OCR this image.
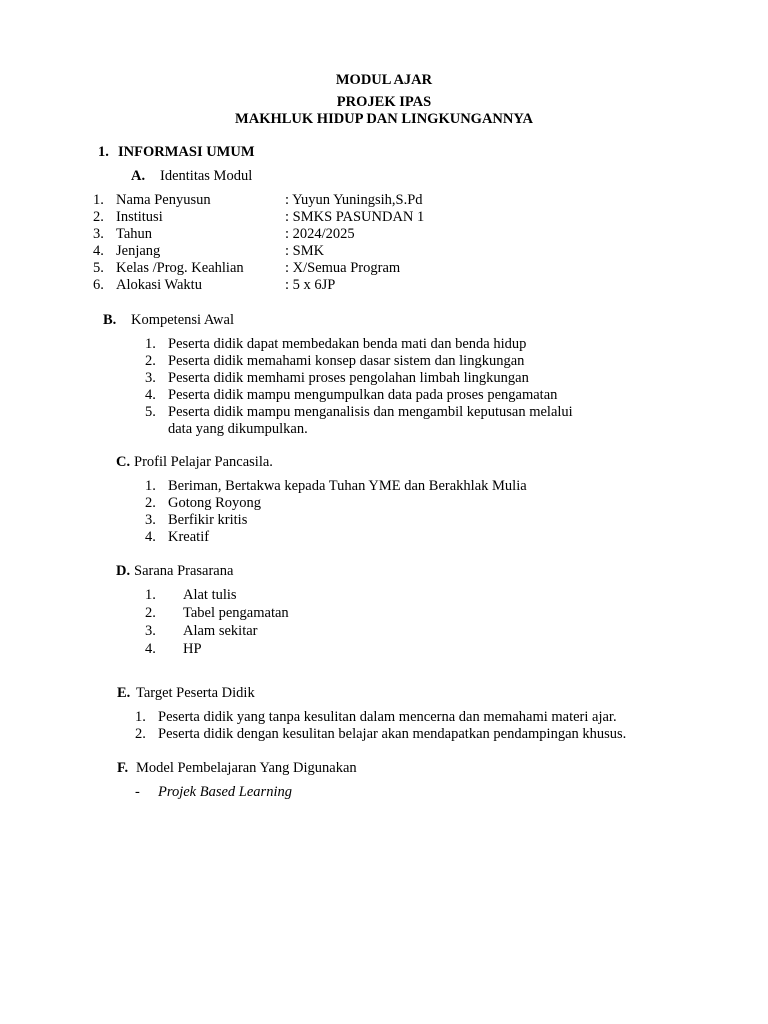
MODUL AJAR
PROJEK IPAS
MAKHLUK HIDUP DAN LINGKUNGANNYA
1. INFORMASI UMUM
A. Identitas Modul
1. Nama Penyusun	: Yuyun Yuningsih,S.Pd
2. Institusi	: SMKS PASUNDAN 1
3. Tahun	: 2024/2025
4. Jenjang	: SMK
5. Kelas /Prog. Keahlian	: X/Semua Program
6. Alokasi Waktu	: 5 x 6JP
B. Kompetensi Awal
1. Peserta didik dapat membedakan benda mati dan benda hidup
2. Peserta didik memahami konsep dasar sistem dan lingkungan
3. Peserta didik memhami proses pengolahan limbah lingkungan
4. Peserta didik mampu mengumpulkan data pada proses pengamatan
5. Peserta didik mampu menganalisis dan mengambil keputusan melalui
data yang dikumpulkan.
C. Profil Pelajar Pancasila.
1. Beriman, Bertakwa kepada Tuhan YME dan Berakhlak Mulia
2. Gotong Royong
3. Berfikir kritis
4. Kreatif
D. Sarana Prasarana
1. Alat tulis
2. Tabel pengamatan
3. Alam sekitar
4. HP
E. Target Peserta Didik
1. Peserta didik yang tanpa kesulitan dalam mencerna dan memahami materi ajar.
2. Peserta didik dengan kesulitan belajar akan mendapatkan pendampingan khusus.
F. Model Pembelajaran Yang Digunakan
- Projek Based Learning
